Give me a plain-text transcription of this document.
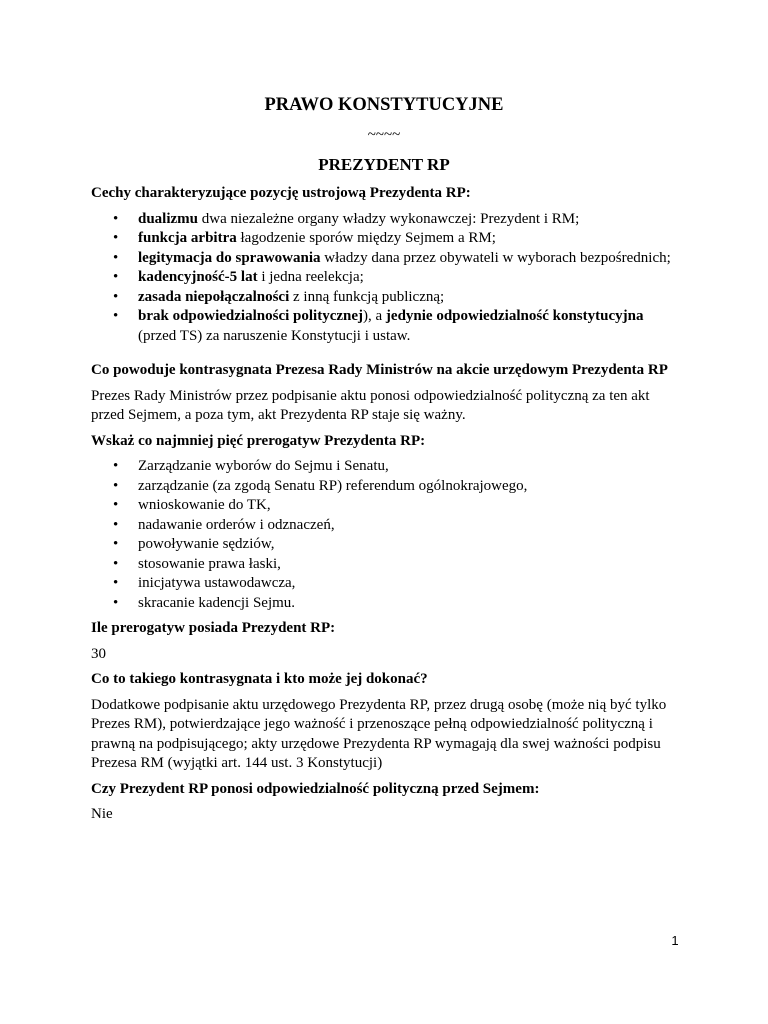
PRAWO KONSTYTUCYJNE
~~~~
PREZYDENT RP
Cechy charakteryzujące pozycję ustrojową Prezydenta RP:
• dualizmu dwa niezależne organy władzy wykonawczej: Prezydent i RM;
• funkcja arbitra łagodzenie sporów między Sejmem a RM;
• legitymacja do sprawowania władzy dana przez obywateli w wyborach bezpośrednich;
• kadencyjność-5 lat i jedna reelekcja;
• zasada niepołączalności z inną funkcją publiczną;
• brak odpowiedzialności politycznej), a jedynie odpowiedzialność konstytucyjna (przed TS) za naruszenie Konstytucji i ustaw.
Co powoduje kontrasygnata Prezesa Rady Ministrów na akcie urzędowym Prezydenta RP
Prezes Rady Ministrów przez podpisanie aktu ponosi odpowiedzialność polityczną za ten akt przed Sejmem, a poza tym, akt Prezydenta RP staje się ważny.
Wskaż co najmniej pięć prerogatyw Prezydenta RP:
• Zarządzanie wyborów do Sejmu i Senatu,
• zarządzanie (za zgodą Senatu RP) referendum ogólnokrajowego,
• wnioskowanie do TK,
• nadawanie orderów i odznaczeń,
• powoływanie sędziów,
• stosowanie prawa łaski,
• inicjatywa ustawodawcza,
• skracanie kadencji Sejmu.
Ile prerogatyw posiada Prezydent RP:
30
Co to takiego kontrasygnata i kto może jej dokonać?
Dodatkowe podpisanie aktu urzędowego Prezydenta RP, przez drugą osobę (może nią być tylko Prezes RM), potwierdzające jego ważność i przenoszące pełną odpowiedzialność polityczną i prawną na podpisującego; akty urzędowe Prezydenta RP wymagają dla swej ważności podpisu Prezesa RM (wyjątki art. 144 ust. 3 Konstytucji)
Czy Prezydent RP ponosi odpowiedzialność polityczną przed Sejmem:
Nie
1
